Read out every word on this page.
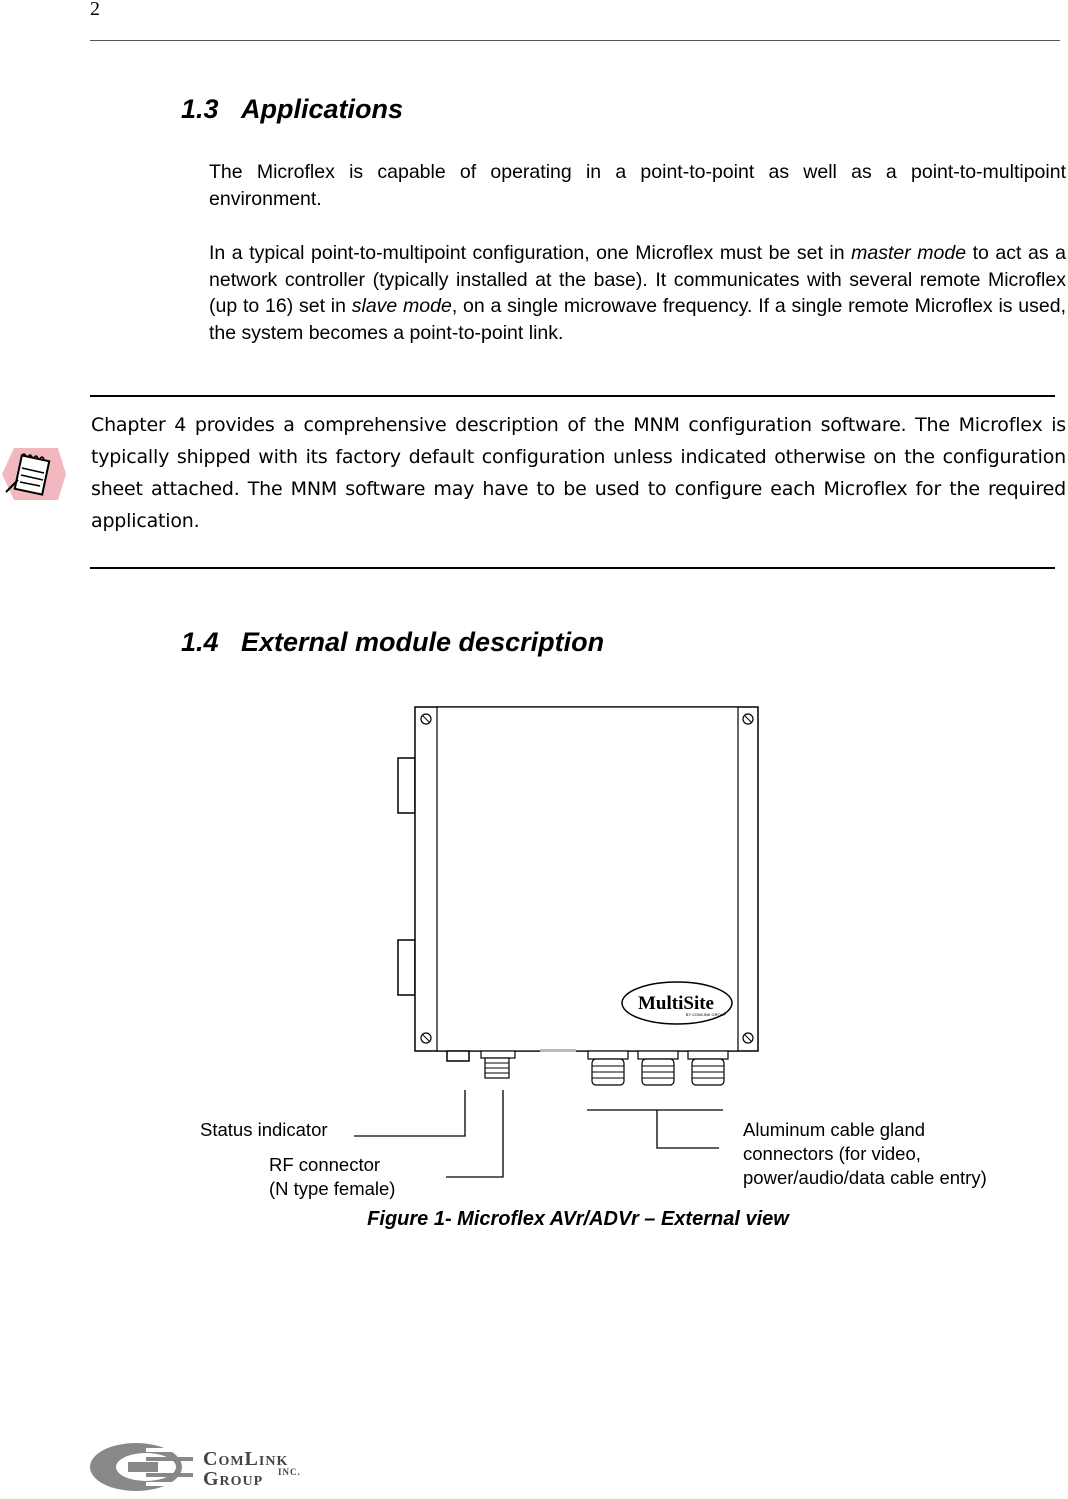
2
1.3 Applications

The Microflex is capable of operating in a point-to-point as well as a point-to-multipoint environment.

In a typical point-to-multipoint configuration, one Microflex must be set in master mode to act as a network controller (typically installed at the base). It communicates with several remote Microflex (up to 16) set in slave mode, on a single microwave frequency. If a single remote Microflex is used, the system becomes a point-to-point link.

Chapter 4 provides a comprehensive description of the MNM configuration software. The Microflex is typically shipped with its factory default configuration unless indicated otherwise on the configuration sheet attached. The MNM software may have to be used to configure each Microflex for the required application.
1.4 External module description
MultiSite
BY COMLINK GROUP
Status indicator
RF connector
(N type female)
Aluminum cable gland
connectors (for video,
power/audio/data cable entry)
Figure 1- Microflex AVr/ADVr – External view
ComLink
Group INC.
